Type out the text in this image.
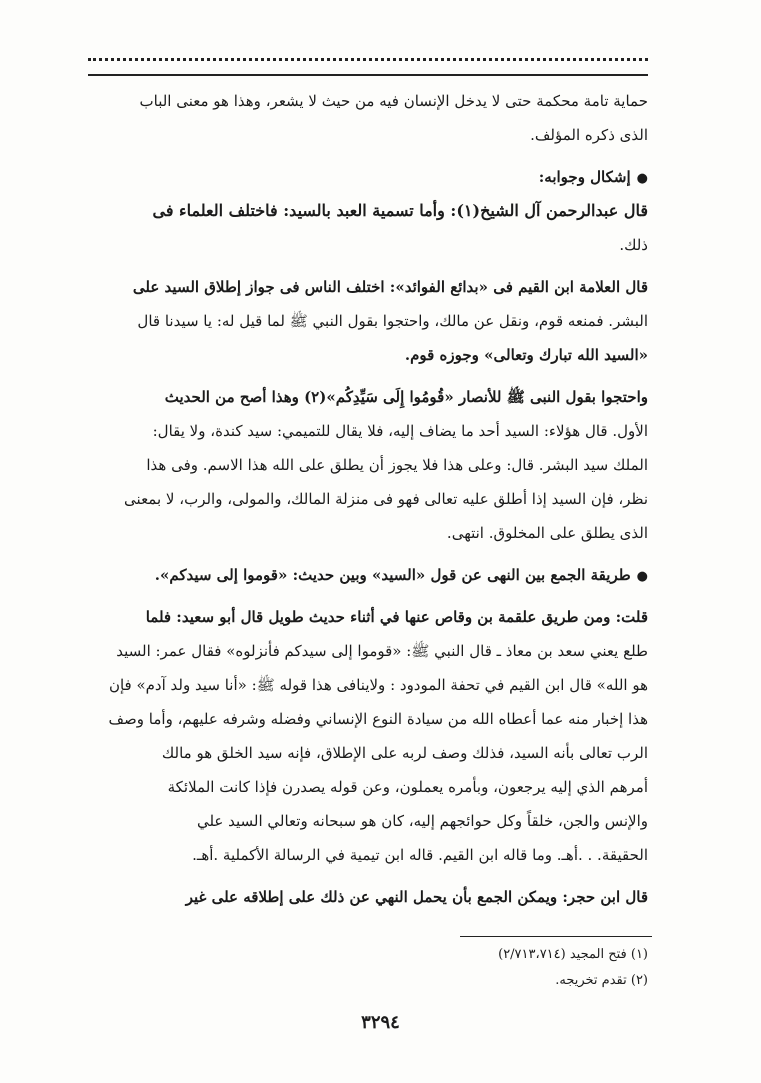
حماية تامة محكمة حتى لا يدخل الإنسان فيه من حيث لا يشعر، وهذا هو معنى الباب
الذى ذكره المؤلف.
●إشكال وجوابه:
قال عبدالرحمن آل الشيخ(١): وأما تسمية العبد بالسيد: فاختلف العلماء فى
ذلك.
قال العلامة ابن القيم فى «بدائع الفوائد»: اختلف الناس فى جواز إطلاق السيد على
البشر. فمنعه قوم، ونقل عن مالك، واحتجوا بقول النبي ﷺ لما قيل له: يا سيدنا قال
«السيد الله تبارك وتعالى» وجوزه قوم.
واحتجوا بقول النبى ﷺ للأنصار «قُومُوا إِلَى سَيِّدِكُم»(٢) وهذا أصح من الحديث
الأول. قال هؤلاء: السيد أحد ما يضاف إليه، فلا يقال للتميمي: سيد كندة، ولا يقال:
الملك سيد البشر. قال: وعلى هذا فلا يجوز أن يطلق على الله هذا الاسم. وفى هذا
نظر، فإن السيد إذا أطلق عليه تعالى فهو فى منزلة المالك، والمولى، والرب، لا بمعنى
الذى يطلق على المخلوق. انتهى.
●طريقة الجمع بين النهى عن قول «السيد» وبين حديث: «قوموا إلى سيدكم».
قلت: ومن طريق علقمة بن وقاص عنها في أثناء حديث طويل قال أبو سعيد: فلما
طلع يعني سعد بن معاذ ـ قال النبي ﷺ: «قوموا إلى سيدكم فأنزلوه» فقال عمر: السيد
هو الله» قال ابن القيم في تحفة المودود : ولاينافى هذا قوله ﷺ: «أنا سيد ولد آدم» فإن
هذا إخبار منه عما أعطاه الله من سيادة النوع الإنساني وفضله وشرفه عليهم، وأما وصف
الرب تعالى بأنه السيد، فذلك وصف لربه على الإطلاق، فإنه سيد الخلق هو مالك
أمرهم الذي إليه يرجعون، وبأمره يعملون، وعن قوله يصدرن فإذا كانت الملائكة
والإنس والجن، خلقاً وكل حوائجهم إليه، كان هو سبحانه وتعالي السيد علي
الحقيقة. . .أهـ. وما قاله ابن القيم. قاله ابن تيمية في الرسالة الأكملية .أهـ.
قال ابن حجر: ويمكن الجمع بأن يحمل النهي عن ذلك على إطلاقه على غير
(١) فتح المجيد (٢/٧١٣،٧١٤)
(٢) تقدم تخريجه.
٣٢٩٤
